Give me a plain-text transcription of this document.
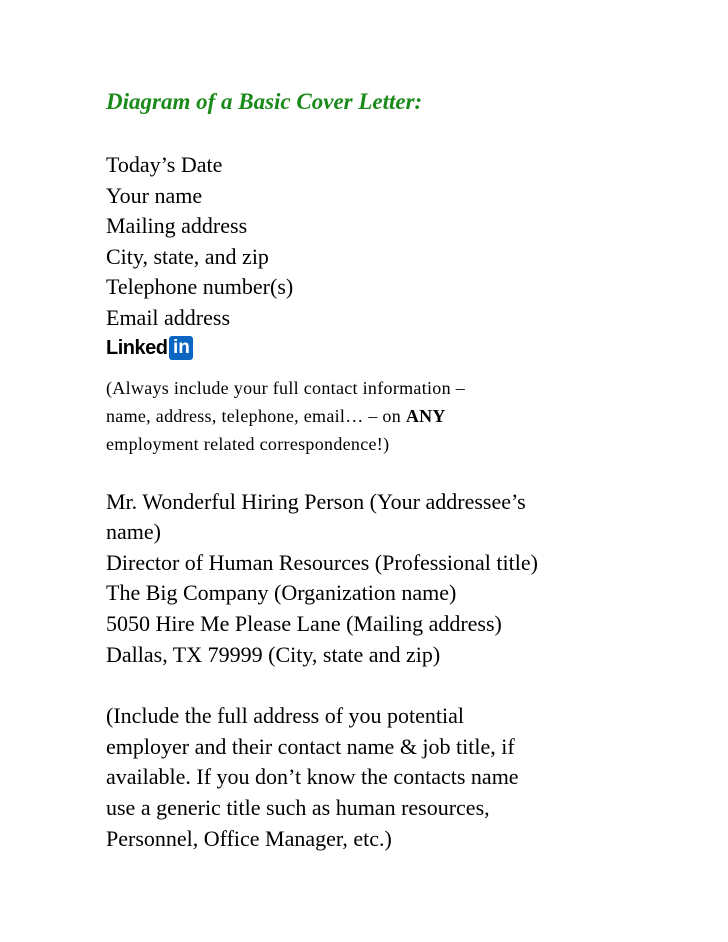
Diagram of a Basic Cover Letter:

Today’s Date

Your name

Mailing address

City, state, and zip

Telephone number(s)

Email address

Linked in

(Always include your full contact information –

name, address, telephone, email… – on ANY

employment related correspondence!)

Mr. Wonderful Hiring Person (Your addressee’s

name)

Director of Human Resources (Professional title)

The Big Company (Organization name)

5050 Hire Me Please Lane (Mailing address)

Dallas, TX 79999 (City, state and zip)

(Include the full address of you potential

employer and their contact name & job title, if

available. If you don’t know the contacts name

use a generic title such as human resources,

Personnel, Office Manager, etc.)
